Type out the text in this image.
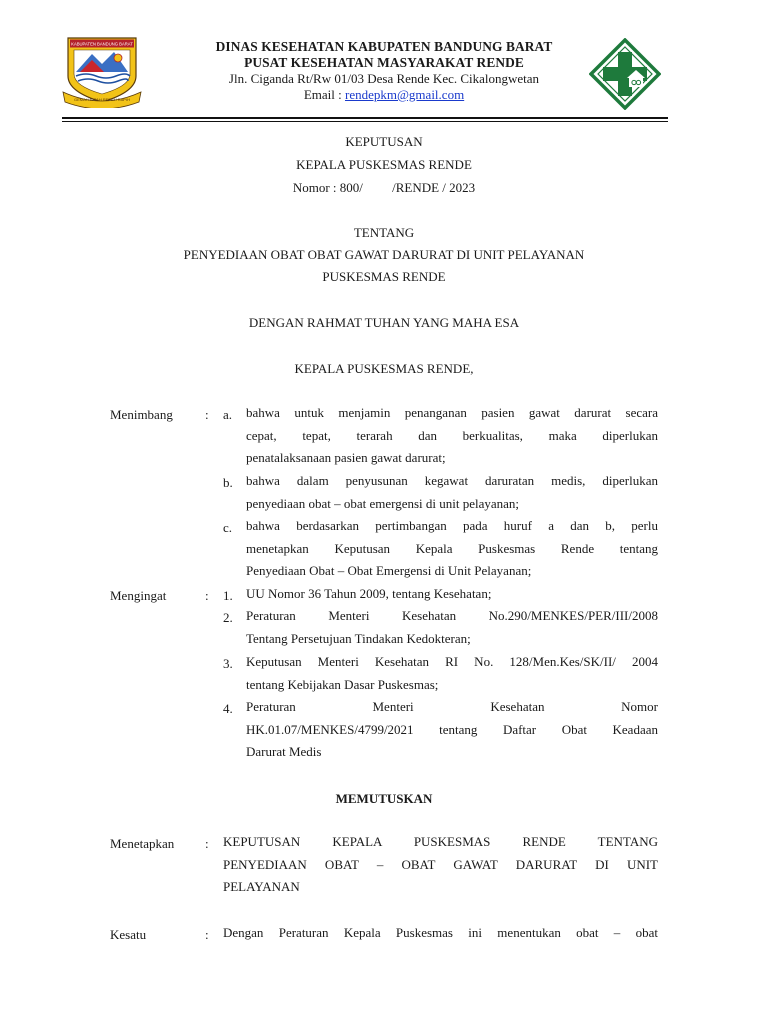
KABUPATEN BANDUNG BARAT
GEMAH RIPAH REPEH RAPIH
DINAS KESEHATAN KABUPATEN BANDUNG BARAT
PUSAT KESEHATAN MASYARAKAT RENDE
Jln. Ciganda Rt/Rw 01/03 Desa Rende Kec. Cikalongwetan
Email : rendepkm@gmail.com
KEPUTUSAN
KEPALA PUSKESMAS RENDE
Nomor : 800/         /RENDE / 2023
TENTANG
PENYEDIAAN OBAT OBAT GAWAT DARURAT DI UNIT PELAYANAN
PUSKESMAS RENDE
DENGAN RAHMAT TUHAN YANG MAHA ESA
KEPALA PUSKESMAS RENDE,
Menimbang : a. bahwa untuk menjamin penanganan pasien gawat darurat secara
cepat, tepat, terarah dan berkualitas, maka diperlukan
penatalaksanaan pasien gawat darurat;
b. bahwa dalam penyusunan kegawat daruratan medis, diperlukan
penyediaan obat – obat emergensi di unit pelayanan;
c. bahwa berdasarkan pertimbangan pada huruf a dan b, perlu
menetapkan Keputusan Kepala Puskesmas Rende tentang
Penyediaan Obat – Obat Emergensi di Unit Pelayanan;
Mengingat	: 1. UU Nomor 36 Tahun 2009, tentang Kesehatan;
2. Peraturan Menteri Kesehatan No.290/MENKES/PER/III/2008
Tentang Persetujuan Tindakan Kedokteran;
3. Keputusan Menteri Kesehatan RI No. 128/Men.Kes/SK/II/ 2004
tentang Kebijakan Dasar Puskesmas;
4. Peraturan Menteri Kesehatan Nomor
HK.01.07/MENKES/4799/2021 tentang Daftar Obat Keadaan
Darurat Medis
MEMUTUSKAN
Menetapkan : KEPUTUSAN KEPALA PUSKESMAS RENDE TENTANG
PENYEDIAAN OBAT – OBAT GAWAT DARURAT DI UNIT
PELAYANAN
Kesatu	: Dengan Peraturan Kepala Puskesmas ini menentukan obat – obat
